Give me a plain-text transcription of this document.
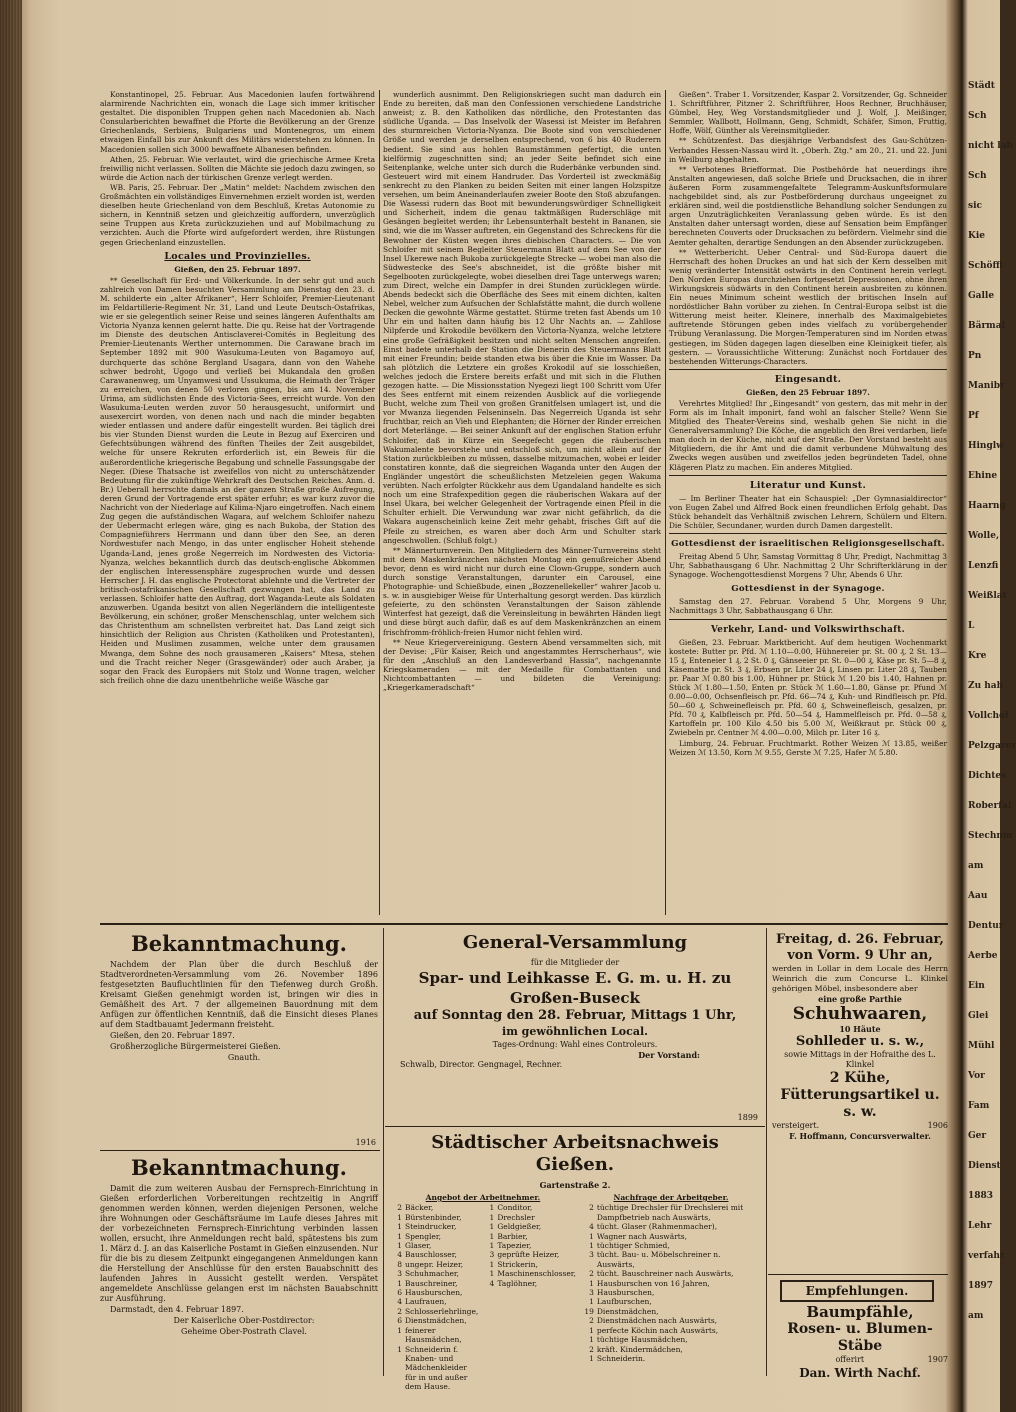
Konstantinopel, 25. Februar. Aus Macedonien laufen fortwährend alarmirende Nachrichten ein, wonach die Lage sich immer kritischer gestaltet. Die disponiblen Truppen gehen nach Macedonien ab. Nach Consularberichten bewaffnet die Pforte die Bevölkerung an der Grenze Griechenlands, Serbiens, Bulgariens und Montenegros, um einem etwaigen Einfall bis zur Ankunft des Militärs widerstehen zu können. In Macedonien sollen sich 3000 bewaffnete Albanesen befinden.

Athen, 25. Februar. Wie verlautet, wird die griechische Armee Kreta freiwillig nicht verlassen. Sollten die Mächte sie jedoch dazu zwingen, so würde die Action nach der türkischen Grenze verlegt werden.

WB. Paris, 25. Februar. Der „Matin“ meldet: Nachdem zwischen den Großmächten ein vollständiges Einvernehmen erzielt worden ist, werden dieselben heute Griechenland von dem Beschluß, Kretas Autonomie zu sichern, in Kenntniß setzen und gleichzeitig auffordern, unverzüglich seine Truppen aus Kreta zurückzuziehen und auf Mobilmachung zu verzichten. Auch die Pforte wird aufgefordert werden, ihre Rüstungen gegen Griechenland einzustellen.

Locales und Provinzielles.
Gießen, den 25. Februar 1897.

** Gesellschaft für Erd- und Völkerkunde. In der sehr gut und auch zahlreich von Damen besuchten Versammlung am Dienstag den 23. d. M. schilderte ein „alter Afrikaner“, Herr Schloifer, Premier-Lieutenant im Feldartillerie-Regiment Nr. 31, Land und Leute Deutsch-Ostafrikas, wie er sie gelegentlich seiner Reise und seines längeren Aufenthalts am Victoria Nyanza kennen gelernt hatte. Die qu. Reise hat der Vortragende im Dienste des deutschen Antisclaverei-Comités in Begleitung des Premier-Lieutenants Werther unternommen. Die Carawane brach im September 1892 mit 900 Wasukuma-Leuten von Bagamoyo auf, durchquerte das schöne Bergland Usagara, dann von den Wahehe schwer bedroht, Ugogo und verließ bei Mukandala den großen Carawanenweg, um Unyamwesi und Ussukuma, die Heimath der Träger zu erreichen, von denen 50 verloren gingen, bis am 14. November Urima, am südlichsten Ende des Victoria-Sees, erreicht wurde. Von den Wasukuma-Leuten werden zuvor 50 herausgesucht, uniformirt und ausexercirt worden, von denen nach und nach die minder begabten wieder entlassen und andere dafür eingestellt wurden. Bei täglich drei bis vier Stunden Dienst wurden die Leute in Bezug auf Exerciren und Gefechtsübungen während des fünften Theiles der Zeit ausgebildet, welche für unsere Rekruten erforderlich ist, ein Beweis für die außerordentliche kriegerische Begabung und schnelle Fassungsgabe der Neger. (Diese Thatsache ist zweifellos von nicht zu unterschätzender Bedeutung für die zukünftige Wehrkraft des Deutschen Reiches. Anm. d. Br.) Ueberall herrschte damals an der ganzen Straße große Aufregung, deren Grund der Vortragende erst später erfuhr; es war kurz zuvor die Nachricht von der Niederlage auf Kilima-Njaro eingetroffen. Nach einem Zug gegen die aufständischen Wagara, auf welchem Schloifer nahezu der Uebermacht erlegen wäre, ging es nach Bukoba, der Station des Compagnieführers Herrmann und dann über den See, an deren Nordwestufer nach Mengo, in das unter englischer Hoheit stehende Uganda-Land, jenes große Negerreich im Nordwesten des Victoria-Nyanza, welches bekanntlich durch das deutsch-englische Abkommen der englischen Interessensphäre zugesprochen wurde und dessen Herrscher J. H. das englische Protectorat ablehnte und die Vertreter der britisch-ostafrikanischen Gesellschaft gezwungen hat, das Land zu verlassen. Schloifer hatte den Auftrag, dort Waganda-Leute als Soldaten anzuwerben. Uganda besitzt von allen Negerländern die intelligenteste Bevölkerung, ein schöner, großer Menschenschlag, unter welchem sich das Christenthum am schnellsten verbreitet hat. Das Land zeigt sich hinsichtlich der Religion aus Christen (Katholiken und Protestanten), Heiden und Muslimen zusammen, welche unter dem grausamen Mwanga, dem Sohne des noch grausameren „Kaisers“ Mtesa, stehen und die Tracht reicher Neger (Grasgewänder) oder auch Araber, ja sogar den Frack des Europäers mit Stolz und Wonne tragen, welcher sich freilich ohne die dazu unentbehrliche weiße Wäsche gar

wunderlich ausnimmt. Den Religionskriegen sucht man dadurch ein Ende zu bereiten, daß man den Confessionen verschiedene Landstriche anweist; z. B. den Katholiken das nördliche, den Protestanten das südliche Uganda. — Das Inselvolk der Wasessi ist Meister im Befahren des sturmreichen Victoria-Nyanza. Die Boote sind von verschiedener Größe und werden je derselben entsprechend, von 6 bis 40 Ruderern bedient. Sie sind aus hohlen Baumstämmen gefertigt, die unten kielförmig zugeschnitten sind; an jeder Seite befindet sich eine Seitenplanke, welche unter sich durch die Ruderbänke verbunden sind. Gesteuert wird mit einem Handruder. Das Vorderteil ist zweckmäßig senkrecht zu den Planken zu beiden Seiten mit einer langen Holzspitze versehen, um beim Aneinanderlaufen zweier Boote den Stoß abzufangen. Die Wasessi rudern das Boot mit bewunderungswürdiger Schnelligkeit und Sicherheit, indem die genau taktmäßigen Ruderschläge mit Gesängen begleitet werden; ihr Lebensunterhalt besteht in Bananen, sie sind, wie die im Wasser auftreten, ein Gegenstand des Schreckens für die Bewohner der Küsten wegen ihres diebischen Characters. — Die von Schloifer mit seinem Begleiter Steuermann Blatt auf dem See von der Insel Ukerewe nach Bukoba zurückgelegte Strecke — wobei man also die Südwestecke des See's abschneidet, ist die größte bisher mit Segelbooten zurückgelegte, wobei dieselben drei Tage unterwegs waren; zum Direct, welche ein Dampfer in drei Stunden zurücklegen würde. Abends bedeckt sich die Oberfläche des Sees mit einem dichten, kalten Nebel, welcher zum Aufsuchen der Schlafstätte mahnt, die durch wollene Decken die gewohnte Wärme gestattet. Stürme treten fast Abends um 10 Uhr ein und halten dann häufig bis 12 Uhr Nachts an. — Zahllose Nilpferde und Krokodile bevölkern den Victoria-Nyanza, welche letztere eine große Gefräßigkeit besitzen und nicht selten Menschen angreifen. Einst badete unterhalb der Station die Dienerin des Steuermanns Blatt mit einer Freundin; beide standen etwa bis über die Knie im Wasser. Da sah plötzlich die Letztere ein großes Krokodil auf sie losschießen, welches jedoch die Erstere bereits erfaßt und mit sich in die Fluthen gezogen hatte. — Die Missionsstation Nyegezi liegt 100 Schritt vom Ufer des Sees entfernt mit einem reizenden Ausblick auf die vorliegende Bucht, welche zum Theil von großen Granitfelsen umlagert ist, und die vor Mwanza liegenden Felseninseln. Das Negerreich Uganda ist sehr fruchtbar, reich an Vieh und Elephanten; die Hörner der Rinder erreichen dort Meterlänge. — Bei seiner Ankunft auf der englischen Station erfuhr Schloifer, daß in Kürze ein Seegefecht gegen die räuberischen Wakumalente bevorstehe und entschloß sich, um nicht allein auf der Station zurückbleiben zu müssen, dasselbe mitzumachen, wobei er leider constatiren konnte, daß die siegreichen Waganda unter den Augen der Engländer ungestört die scheußlichsten Metzeleien gegen Wakuma verübten. Nach erfolgter Rückkehr aus dem Ugandaland handelte es sich noch um eine Strafexpedition gegen die räuberischen Wakara auf der Insel Ukara, bei welcher Gelegenheit der Vortragende einen Pfeil in die Schulter erhielt. Die Verwundung war zwar nicht gefährlich, da die Wakara augenscheinlich keine Zeit mehr gehabt, frisches Gift auf die Pfeile zu streichen, es waren aber doch Arm und Schulter stark angeschwollen. (Schluß folgt.)

** Männerturnverein. Den Mitgliedern des Männer-Turnvereins steht mit dem Maskenkränzchen nächsten Montag ein genußreicher Abend bevor, denn es wird nicht nur durch eine Clown-Gruppe, sondern auch durch sonstige Veranstaltungen, darunter ein Carousel, eine Photographie- und Schießbude, einen „Bozzenellekeller“ wahrer Jacob u. s. w. in ausgiebiger Weise für Unterhaltung gesorgt werden. Das kürzlich gefeierte, zu den schönsten Veranstaltungen der Saison zählende Winterfest hat gezeigt, daß die Vereinsleitung in bewährten Händen liegt und diese bürgt auch dafür, daß es auf dem Maskenkränzchen an einem frischfromm-fröhlich-freien Humor nicht fehlen wird.

** Neue Kriegervereinigung. Gestern Abend versammelten sich, mit der Devise: „Für Kaiser, Reich und angestammtes Herrscherhaus“, wie für den „Anschluß an den Landesverband Hassia“, nachgenannte Kriegskameraden — mit der Medaille für Combattanten und Nichtcombattanten — und bildeten die Vereinigung: „Kriegerkameradschaft“

Gießen“. Traber 1. Vorsitzender, Kaspar 2. Vorsitzender, Gg. Schneider 1. Schriftführer, Pitzner 2. Schriftführer, Hoos Rechner, Bruchhäuser, Gümbel, Hey, Weg Vorstandsmitglieder und J. Wolf, J. Meißinger, Semmler, Wallbott, Hollmann, Geng, Schmidt, Schäfer, Simon, Fruttig, Hoffe, Wölf, Günther als Vereinsmitglieder.

** Schützenfest. Das diesjährige Verbandsfest des Gau-Schützen-Verbandes Hessen-Nassau wird lt. „Oberh. Ztg.“ am 20., 21. und 22. Juni in Weilburg abgehalten.

** Verbotenes Briefformat. Die Postbehörde hat neuerdings ihre Anstalten angewiesen, daß solche Briefe und Drucksachen, die in ihrer äußeren Form zusammengefaltete Telegramm-Auskunftsformulare nachgebildet sind, als zur Postbeförderung durchaus ungeeignet zu erklären sind, weil die postdienstliche Behandlung solcher Sendungen zu argen Unzuträglichkeiten Veranlassung geben würde. Es ist den Anstalten daher untersagt worden, diese auf Sensation beim Empfänger berechneten Couverts oder Drucksachen zu befördern. Vielmehr sind die Aemter gehalten, derartige Sendungen an den Absender zurückzugeben.

** Wetterbericht. Ueber Central- und Süd-Europa dauert die Herrschaft des hohen Druckes an und hat sich der Kern desselben mit wenig veränderter Intensität ostwärts in den Continent herein verlegt. Den Norden Europas durchziehen fortgesetzt Depressionen, ohne ihren Wirkungskreis südwärts in den Continent herein ausbreiten zu können. Ein neues Minimum scheint westlich der britischen Inseln auf nordöstlicher Bahn vorüber zu ziehen. In Central-Europa selbst ist die Witterung meist heiter. Kleinere, innerhalb des Maximalgebietes auftretende Störungen geben indes vielfach zu vorübergehender Trübung Veranlassung. Die Morgen-Temperaturen sind im Norden etwas gestiegen, im Süden dagegen lagen dieselben eine Kleinigkeit tiefer, als gestern. — Voraussichtliche Witterung: Zunächst noch Fortdauer des bestehenden Witterungs-Characters.

Eingesandt.
Gießen, den 25 Februar 1897.

Verehrtes Mitglied! Ihr „Eingesandt“ von gestern, das mit mehr in der Form als im Inhalt imponirt, fand wohl an falscher Stelle? Wenn Sie Mitglied des Theater-Vereins sind, weshalb gehen Sie nicht in die Generalversammlung? Die Köche, die angeblich den Brei verdarben, liefe man doch in der Küche, nicht auf der Straße. Der Vorstand besteht aus Mitgliedern, die ihr Amt und die damit verbundene Mühwaltung des Zwecks wegen ausüben und zweifellos jeden begründeten Tadel, ohne Klägeren Platz zu machen. Ein anderes Mitglied.

Literatur und Kunst.

— Im Berliner Theater hat ein Schauspiel: „Der Gymnasialdirector“ von Eugen Zabel und Alfred Bock einen freundlichen Erfolg gehabt. Das Stück behandelt das Verhältniß zwischen Lehrern, Schülern und Eltern. Die Schüler, Secundaner, wurden durch Damen dargestellt.

Gottesdienst der israelitischen Religionsgesellschaft.

Freitag Abend 5 Uhr, Samstag Vormittag 8 Uhr, Predigt, Nachmittag 3 Uhr, Sabbathausgang 6 Uhr. Nachmittag 2 Uhr Schrifterklärung in der Synagoge. Wochengottesdienst Morgens 7 Uhr, Abends 6 Uhr.

Gottesdienst in der Synagoge.

Samstag den 27. Februar. Vorabend 5 Uhr, Morgens 9 Uhr, Nachmittags 3 Uhr, Sabbathausgang 6 Uhr.

Verkehr, Land- und Volkswirthschaft.

Gießen, 23. Februar. Marktbericht. Auf dem heutigen Wochenmarkt kostete: Butter pr. Pfd. ℳ 1.10—0.00, Hühnereier pr. St. 00 ₰, 2 St. 13—15 ₰, Enteneier 1 ₰, 2 St. 0 ₰, Gänseeier pr. St. 0—00 ₰, Käse pr. St. 5—8 ₰, Käsematte pr. St. 3 ₰, Erbsen pr. Liter 24 ₰, Linsen pr. Liter 28 ₰, Tauben pr. Paar ℳ 0.80 bis 1.00, Hühner pr. Stück ℳ 1.20 bis 1.40, Hahnen pr. Stück ℳ 1.80—1.50, Enten pr. Stück ℳ 1.60—1.80, Gänse pr. Pfund ℳ 0.00—0.00, Ochsenfleisch pr. Pfd. 66—74 ₰, Kuh- und Rindfleisch pr. Pfd. 50—60 ₰, Schweinefleisch pr. Pfd. 60 ₰, Schweinefleisch, gesalzen, pr. Pfd. 70 ₰, Kalbfleisch pr. Pfd. 50—54 ₰, Hammelfleisch pr. Pfd. 0—58 ₰, Kartoffeln pr. 100 Kilo 4.50 bis 5.00 ℳ, Weißkraut pr. Stück 00 ₰, Zwiebeln pr. Centner ℳ 4.00—0.00, Milch pr. Liter 16 ₰.

Limburg, 24. Februar. Fruchtmarkt. Rother Weizen ℳ 13.85, weißer Weizen ℳ 13.50, Korn ℳ 9.55, Gerste ℳ 7.25, Hafer ℳ 5.80.

Bekanntmachung.

Nachdem der Plan über die durch Beschluß der Stadtverordneten-Versammlung vom 26. November 1896 festgesetzten Baufluchtlinien für den Tiefenweg durch Großh. Kreisamt Gießen genehmigt worden ist, bringen wir dies in Gemäßheit des Art. 7 der allgemeinen Bauordnung mit dem Anfügen zur öffentlichen Kenntniß, daß die Einsicht dieses Planes auf dem Stadtbauamt Jedermann freisteht.

Gießen, den 20. Februar 1897.

Großherzogliche Bürgermeisterei Gießen.

Gnauth.

1916
Bekanntmachung.

Damit die zum weiteren Ausbau der Fernsprech-Einrichtung in Gießen erforderlichen Vorbereitungen rechtzeitig in Angriff genommen werden können, werden diejenigen Personen, welche ihre Wohnungen oder Geschäftsräume im Laufe dieses Jahres mit der vorbezeichneten Fernsprech-Einrichtung verbinden lassen wollen, ersucht, ihre Anmeldungen recht bald, spätestens bis zum 1. März d. J. an das Kaiserliche Postamt in Gießen einzusenden. Nur für die bis zu diesem Zeitpunkt eingegangenen Anmeldungen kann die Herstellung der Anschlüsse für den ersten Bauabschnitt des laufenden Jahres in Aussicht gestellt werden. Verspätet angemeldete Anschlüsse gelangen erst im nächsten Bauabschnitt zur Ausführung.

Darmstadt, den 4. Februar 1897.

Der Kaiserliche Ober-Postdirector:

Geheime Ober-Postrath Clavel.

General-Versammlung
für die Mitglieder der
Spar- und Leihkasse E. G. m. u. H. zu Großen-Buseck
auf Sonntag den 28. Februar, Mittags 1 Uhr,
im gewöhnlichen Local.
Tages-Ordnung: Wahl eines Controleurs.
Der Vorstand:
Schwalb, Director. Gengnagel, Rechner.
1899
Städtischer Arbeitsnachweis Gießen.
Gartenstraße 2.
Angebot der Arbeitnehmer.
2 Bäcker,
1 Bürstenbinder,
1 Steindrucker,
1 Spengler,
1 Glaser,
4 Bauschlosser,
8 ungepr. Heizer,
3 Schuhmacher,
1 Bauschreiner,
6 Hausburschen,
4 Laufrauen,
2 Schlosserlehrlinge,
6 Dienstmädchen,
1 feinerer Hausmädchen,
1 Schneiderin f. Knaben- und Mädchenkleider für in und außer dem Hause.
1 Conditor,
1 Drechsler
1 Geldgießer,
1 Barbier,
1 Tapezier,
3 geprüfte Heizer,
1 Strickerin,
1 Maschinenschlosser,
4 Taglöhner,
Nachfrage der Arbeitgeber.
2 tüchtige Drechsler für Drechslerei mit Dampfbetrieb nach Auswärts,
4 tücht. Glaser (Rahmenmacher),
1 Wagner nach Auswärts,
1 tüchtiger Schmied,
3 tücht. Bau- u. Möbelschreiner n. Auswärts,
2 tücht. Bauschreiner nach Auswärts,
1 Hausburschen von 16 Jahren,
3 Hausburschen,
1 Laufburschen,
19 Dienstmädchen,
2 Dienstmädchen nach Auswärts,
1 perfecte Köchin nach Auswärts,
1 tüchtige Hausmädchen,
2 kräft. Kindermädchen,
1 Schneiderin.
Freitag, d. 26. Februar,
von Vorm. 9 Uhr an,
werden in Lollar in dem Locale des Herrn Weinrich die zum Concurse L. Klinkel gehörigen Möbel, insbesondere aber
eine große Parthie
Schuhwaaren,
10 Häute
Sohlleder u. s. w.,
sowie Mittags in der Hofraithe des L. Klinkel
2 Kühe, Fütterungsartikel u. s. w.
versteigert.	1906
F. Hoffmann, Concursverwalter.
Empfehlungen.
Baumpfähle,
Rosen- u. Blumen-Stäbe
offerirt	1907
Dan. Wirth Nachf.
Städt
Sch
nicht lab
Sch
sic
Kie
Schöffl
Galle
Bärmal
Pn
Manibr
Pf
Hinglw
Ehine
Haarng
Wolle,
Lenzfi
Weißlat
L
Kre
Zu hah
Vollchol
Pelzgarer
Dichtes
Roberfal
Stechnm
am
Aau
Dentur
Aerbe
Ein
Glei
Mühl
Vor
Fam
Ger
Dienst
1883
Lehr
verfahr
1897
am
